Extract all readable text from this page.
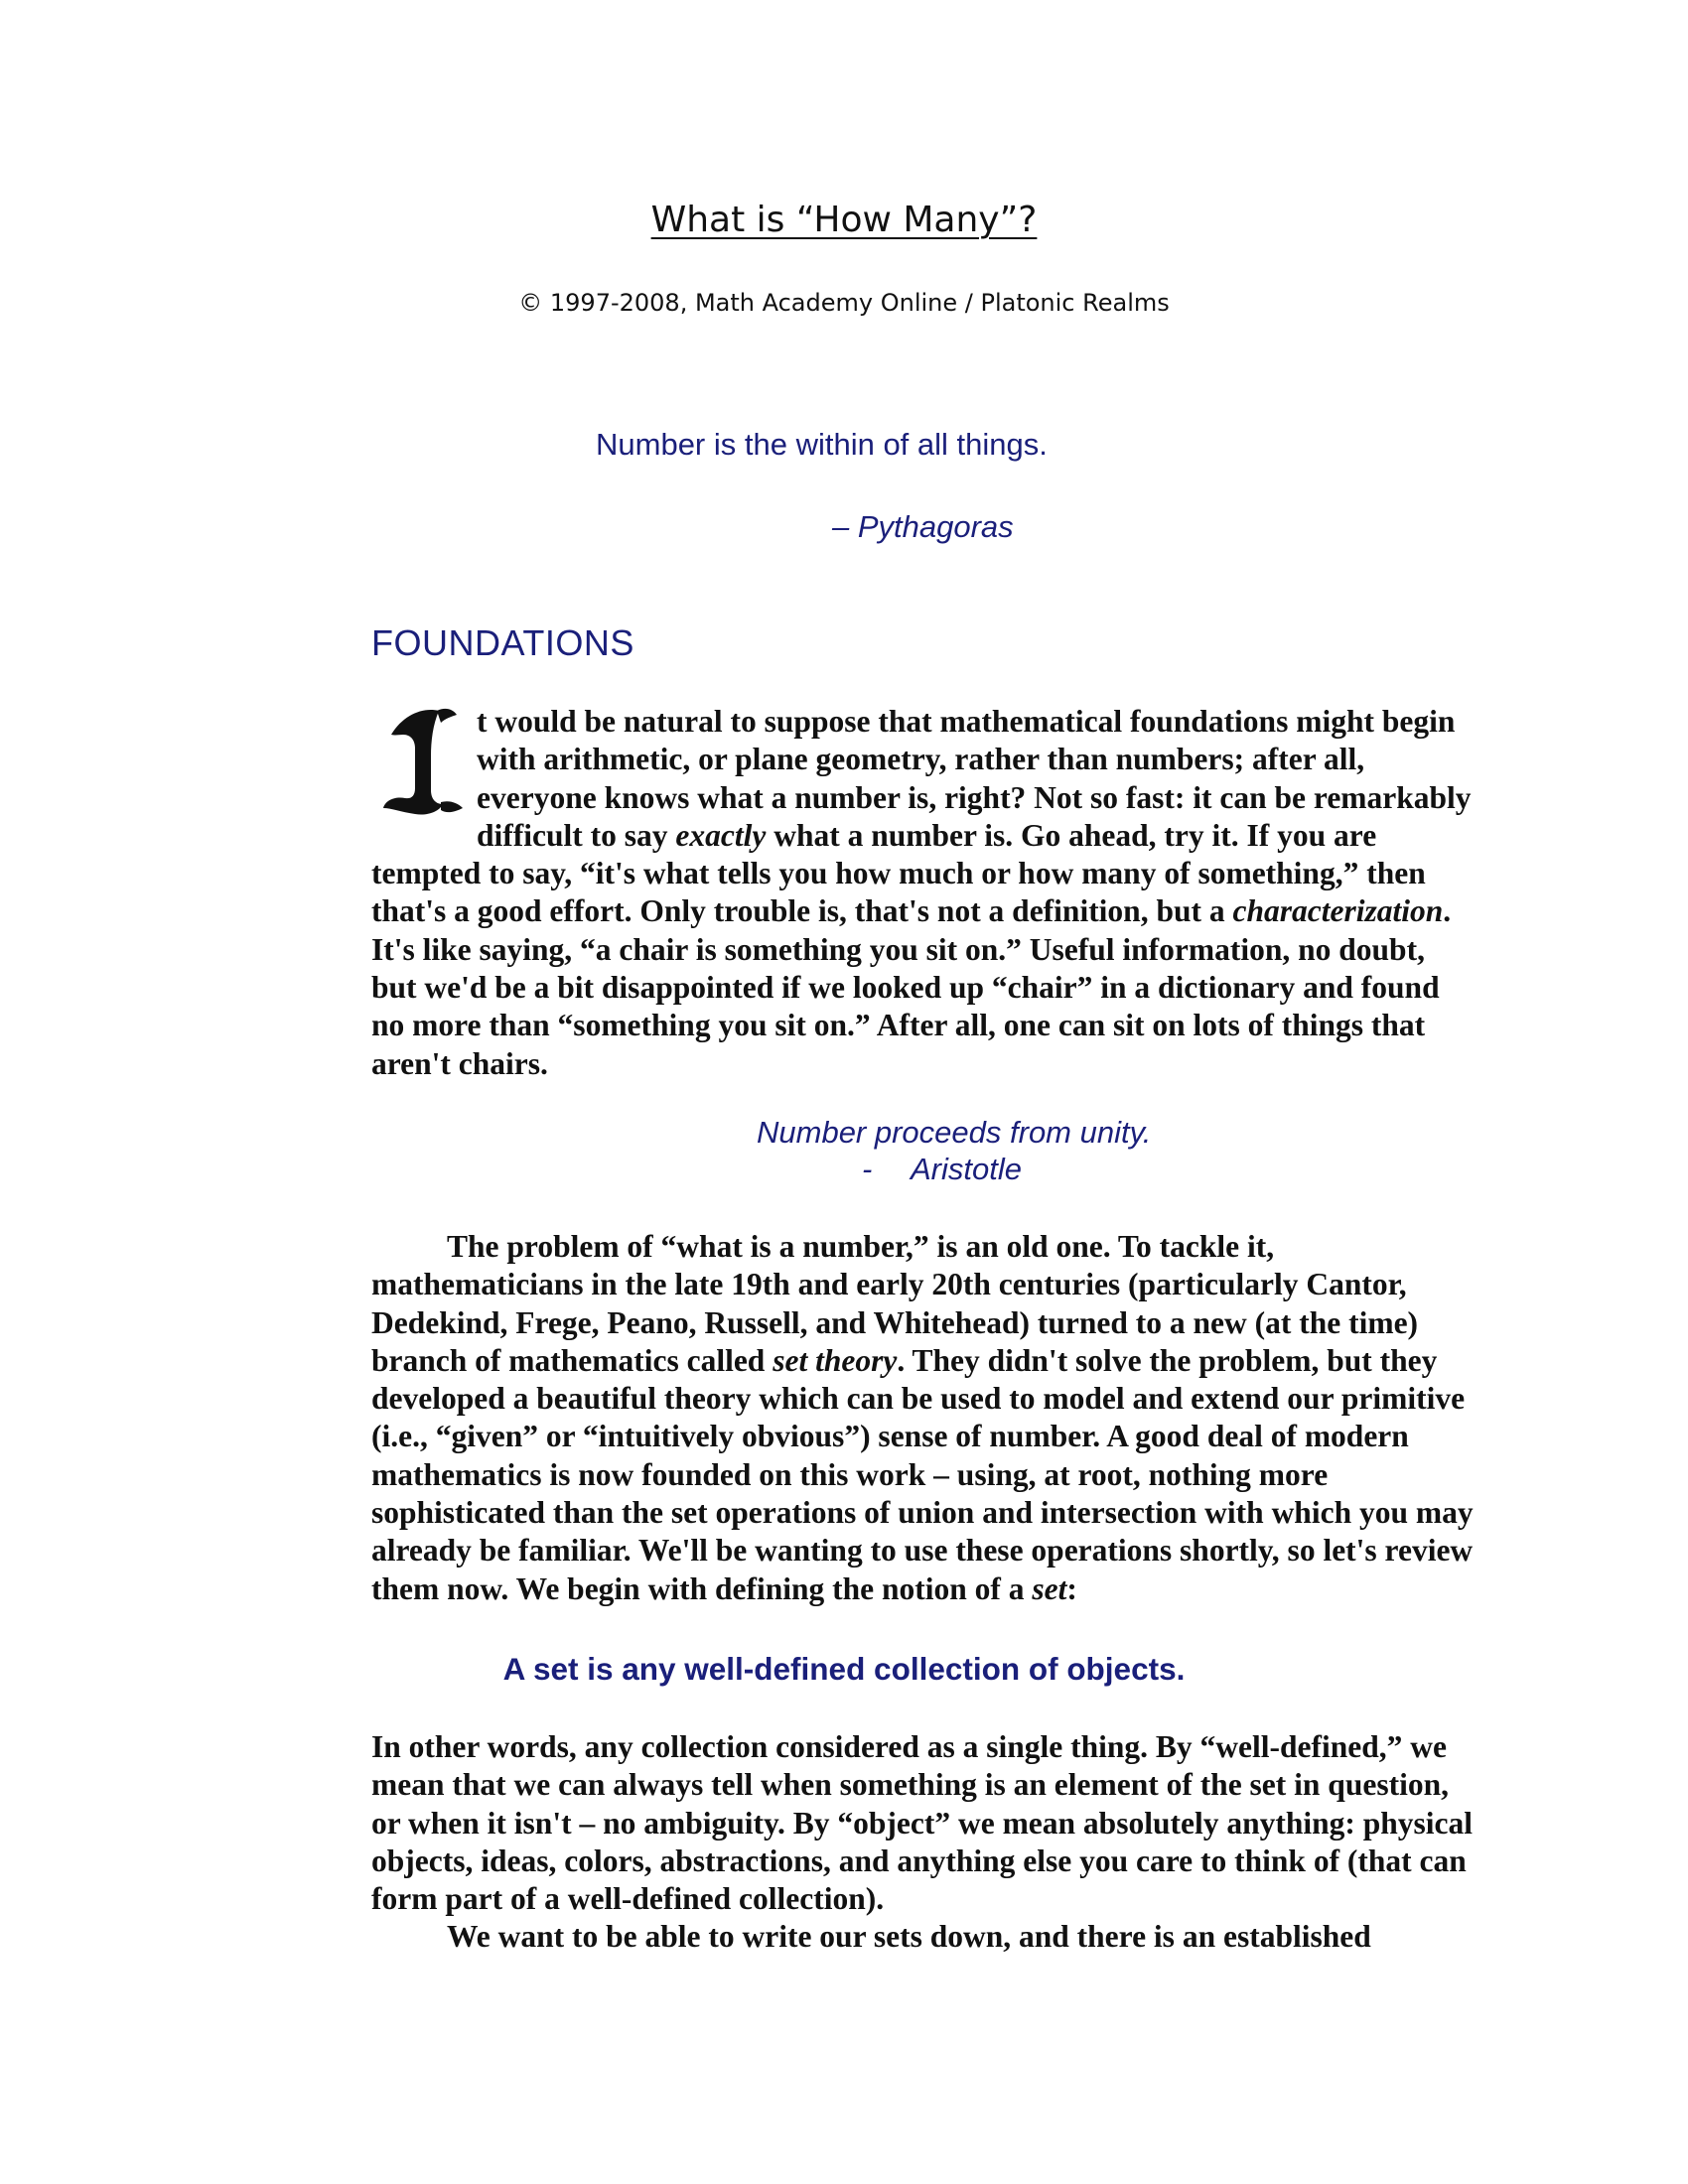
What is “How Many”?
© 1997-2008, Math Academy Online / Platonic Realms
Number is the within of all things.
– Pythagoras
FOUNDATIONS

t would be natural to suppose that mathematical foundations might begin with arithmetic, or plane geometry, rather than numbers; after all, everyone knows what a number is, right? Not so fast: it can be remarkably difficult to say exactly what a number is. Go ahead, try it. If you are tempted to say, “it's what tells you how much or how many of something,” then that's a good effort. Only trouble is, that's not a definition, but a characterization. It's like saying, “a chair is something you sit on.” Useful information, no doubt, but we'd be a bit disappointed if we looked up “chair” in a dictionary and found no more than “something you sit on.” After all, one can sit on lots of things that aren't chairs.

Number proceeds from unity.
- Aristotle

The problem of “what is a number,” is an old one. To tackle it, mathematicians in the late 19th and early 20th centuries (particularly Cantor, Dedekind, Frege, Peano, Russell, and Whitehead) turned to a new (at the time) branch of mathematics called set theory. They didn't solve the problem, but they developed a beautiful theory which can be used to model and extend our primitive (i.e., “given” or “intuitively obvious”) sense of number. A good deal of modern mathematics is now founded on this work – using, at root, nothing more sophisticated than the set operations of union and intersection with which you may already be familiar. We'll be wanting to use these operations shortly, so let's review them now. We begin with defining the notion of a set:

A set is any well-defined collection of objects.

In other words, any collection considered as a single thing. By “well-defined,” we mean that we can always tell when something is an element of the set in question, or when it isn't – no ambiguity. By “object” we mean absolutely anything: physical objects, ideas, colors, abstractions, and anything else you care to think of (that can form part of a well-defined collection).

We want to be able to write our sets down, and there is an established
